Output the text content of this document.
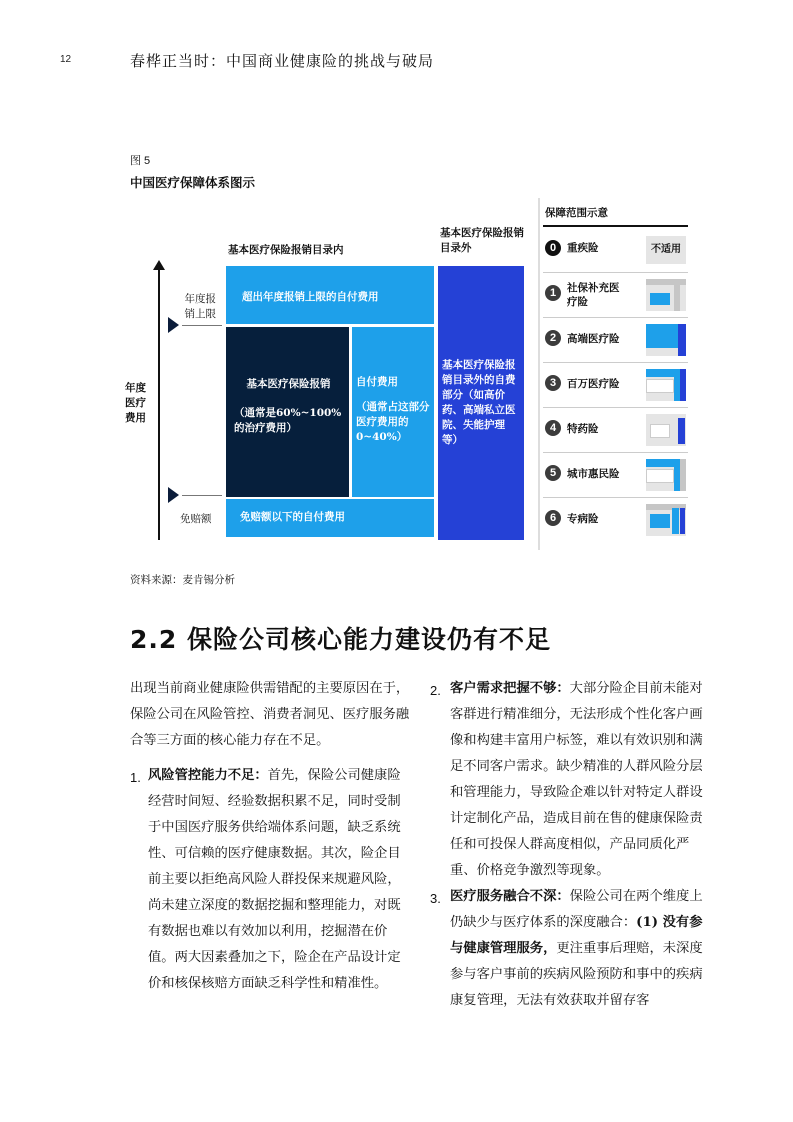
12	春桦正当时：中国商业健康险的挑战与破局
图 5
中国医疗保障体系图示
基本医疗保险报销目录内
基本医疗保险报销目录外
年度医疗费用
年度报销上限
免赔额
超出年度报销上限的自付费用
基本医疗保险报销
（通常是60%~100%的治疗费用）
自付费用
（通常占这部分医疗费用的0~40%）
免赔额以下的自付费用
基本医疗保险报销目录外的自费部分（如高价药、高端私立医院、失能护理等）
保障范围示意
0	重疾险	不适用
1	社保补充医疗险
2	高端医疗险
3	百万医疗险
4	特药险
5	城市惠民险
6	专病险
资料来源：麦肯锡分析
2.2 保险公司核心能力建设仍有不足
出现当前商业健康险供需错配的主要原因在于，保险公司在风险管控、消费者洞见、医疗服务融合等三方面的核心能力存在不足。
1. 风险管控能力不足：首先，保险公司健康险经营时间短、经验数据积累不足，同时受制于中国医疗服务供给端体系问题，缺乏系统性、可信赖的医疗健康数据。其次，险企目前主要以拒绝高风险人群投保来规避风险，尚未建立深度的数据挖掘和整理能力，对既有数据也难以有效加以利用，挖掘潜在价值。两大因素叠加之下，险企在产品设计定价和核保核赔方面缺乏科学性和精准性。
2. 客户需求把握不够：大部分险企目前未能对客群进行精准细分，无法形成个性化客户画像和构建丰富用户标签，难以有效识别和满足不同客户需求。缺少精准的人群风险分层和管理能力，导致险企难以针对特定人群设计定制化产品，造成目前在售的健康保险责任和可投保人群高度相似，产品同质化严重、价格竞争激烈等现象。
3. 医疗服务融合不深：保险公司在两个维度上仍缺少与医疗体系的深度融合：(1) 没有参与健康管理服务，更注重事后理赔，未深度参与客户事前的疾病风险预防和事中的疾病康复管理，无法有效获取并留存客
